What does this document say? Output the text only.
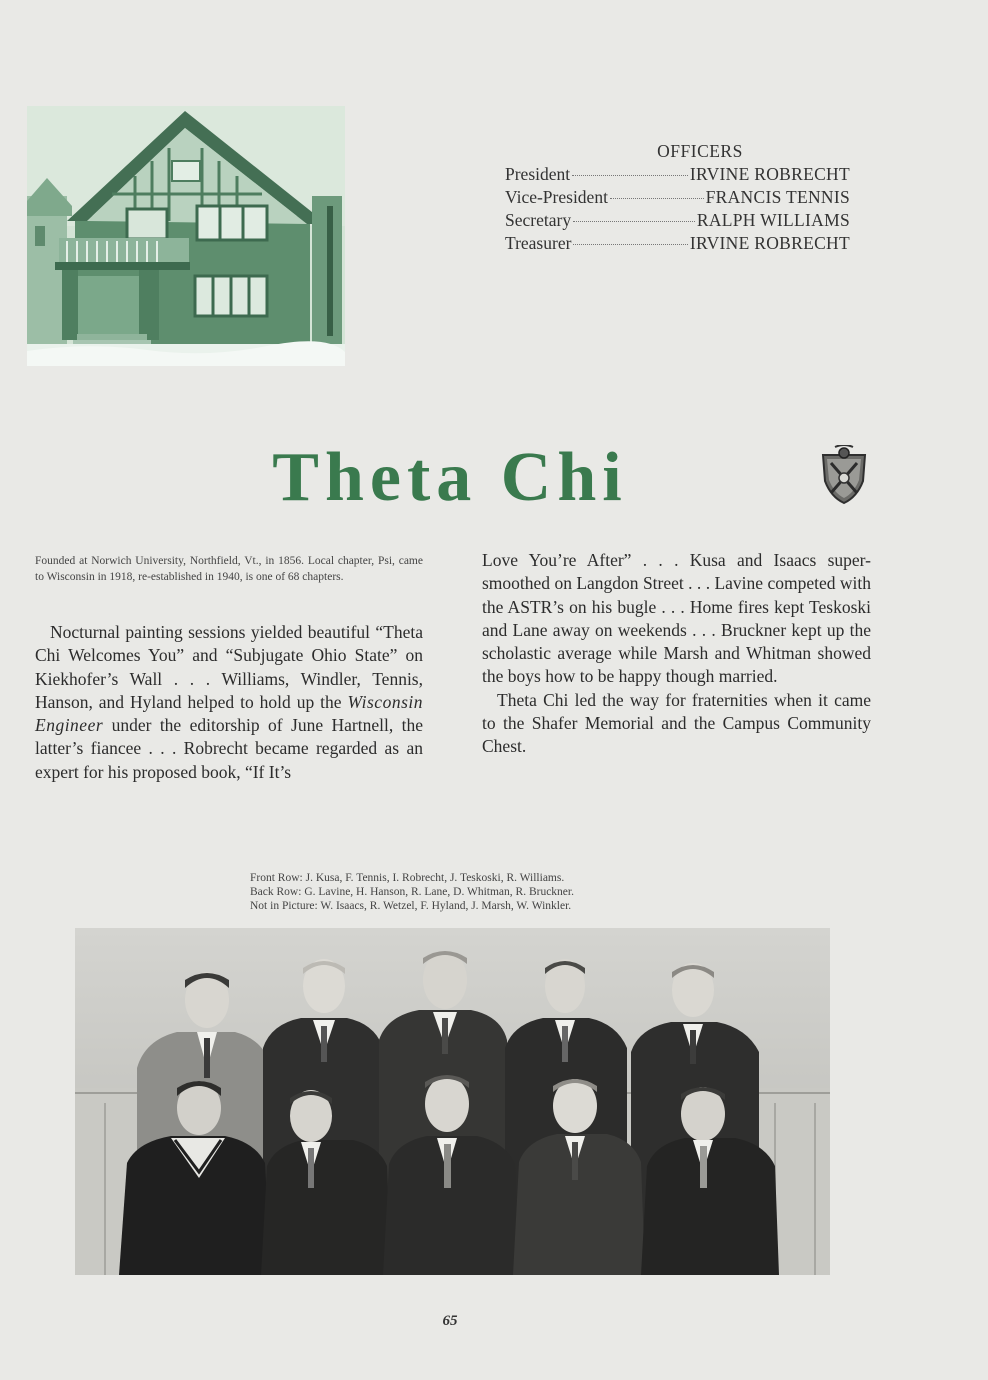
OFFICERS
President	IRVINE ROBRECHT
Vice-President	FRANCIS TENNIS
Secretary	RALPH WILLIAMS
Treasurer	IRVINE ROBRECHT
Theta Chi
Founded at Norwich University, Northfield, Vt., in 1856. Local chapter, Psi, came to Wisconsin in 1918, re-established in 1940, is one of 68 chapters.

Nocturnal painting sessions yielded beautiful “Theta Chi Welcomes You” and “Subjugate Ohio State” on Kiekhofer’s Wall . . . Williams, Windler, Tennis, Hanson, and Hyland helped to hold up the Wisconsin Engineer under the editorship of June Hartnell, the latter’s fiancee . . . Robrecht became regarded as an expert for his proposed book, “If It’s

Love You’re After” . . . Kusa and Isaacs super-smoothed on Langdon Street . . . Lavine competed with the ASTR’s on his bugle . . . Home fires kept Teskoski and Lane away on weekends . . . Bruckner kept up the scholastic average while Marsh and Whitman showed the boys how to be happy though married.

Theta Chi led the way for fraternities when it came to the Shafer Memorial and the Campus Community Chest.

Front Row: J. Kusa, F. Tennis, I. Robrecht, J. Teskoski, R. Williams.
Back Row: G. Lavine, H. Hanson, R. Lane, D. Whitman, R. Bruckner.
Not in Picture: W. Isaacs, R. Wetzel, F. Hyland, J. Marsh, W. Winkler.
65
